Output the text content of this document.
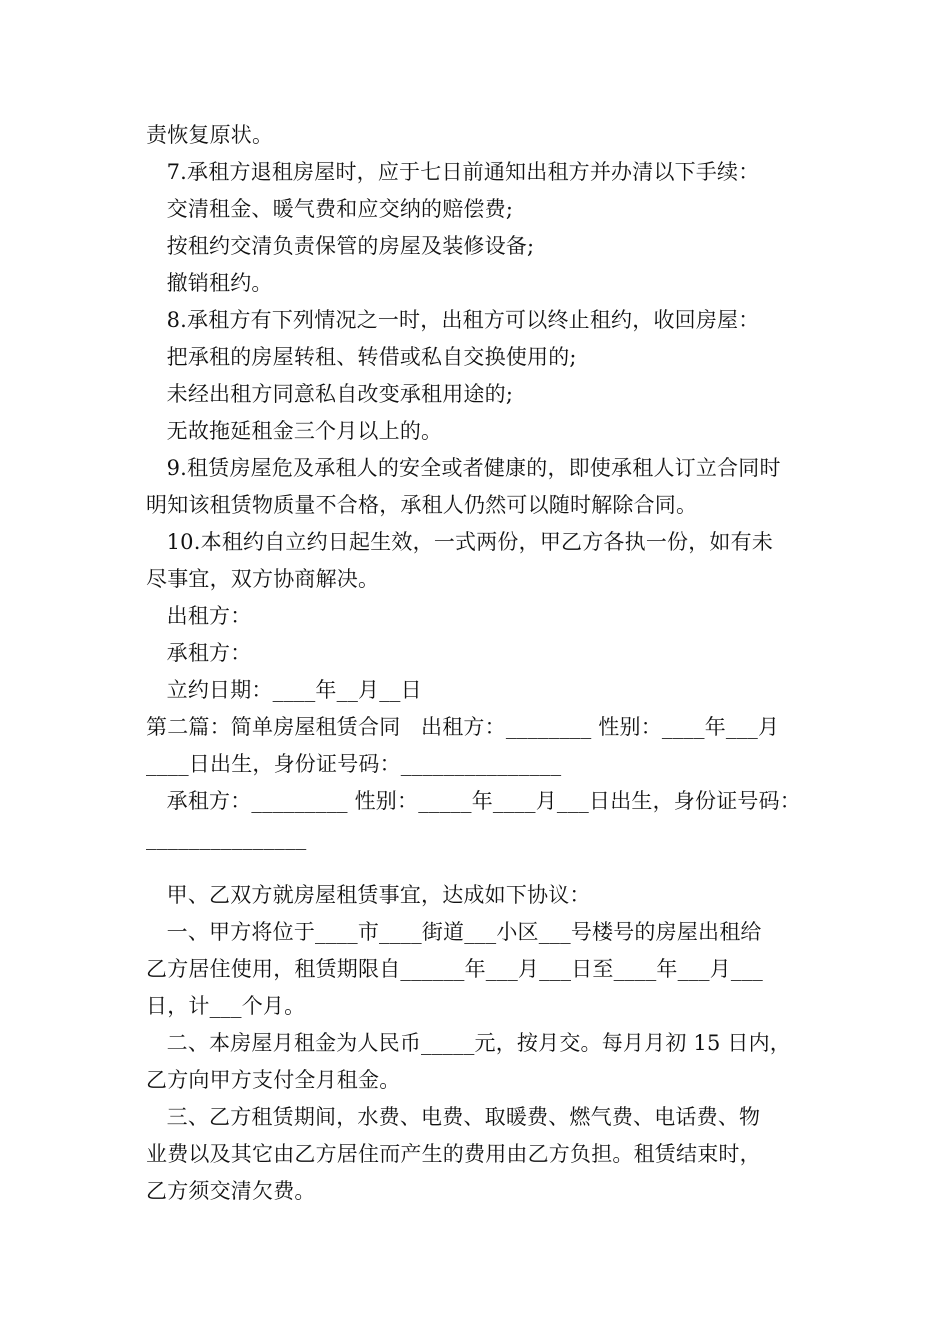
责恢复原状。
7.承租方退租房屋时，应于七日前通知出租方并办清以下手续：
交清租金、暖气费和应交纳的赔偿费;
按租约交清负责保管的房屋及装修设备;
撤销租约。
8.承租方有下列情况之一时，出租方可以终止租约，收回房屋：
把承租的房屋转租、转借或私自交换使用的;
未经出租方同意私自改变承租用途的;
无故拖延租金三个月以上的。
9.租赁房屋危及承租人的安全或者健康的，即使承租人订立合同时
明知该租赁物质量不合格，承租人仍然可以随时解除合同。
10.本租约自立约日起生效，一式两份，甲乙方各执一份，如有未
尽事宜，双方协商解决。
出租方：
承租方：
立约日期：____年__月__日
第二篇：简单房屋租赁合同   出租方：________ 性别：____年___月
____日出生，身份证号码：_______________
承租方：_________ 性别：_____年____月___日出生，身份证号码：
_______________
甲、乙双方就房屋租赁事宜，达成如下协议：
一、甲方将位于____市____街道___小区___号楼号的房屋出租给
乙方居住使用，租赁期限自______年___月___日至____年___月___
日，计___个月。
二、本房屋月租金为人民币_____元，按月交。每月月初 15 日内，
乙方向甲方支付全月租金。
三、乙方租赁期间，水费、电费、取暖费、燃气费、电话费、物
业费以及其它由乙方居住而产生的费用由乙方负担。租赁结束时，
乙方须交清欠费。
